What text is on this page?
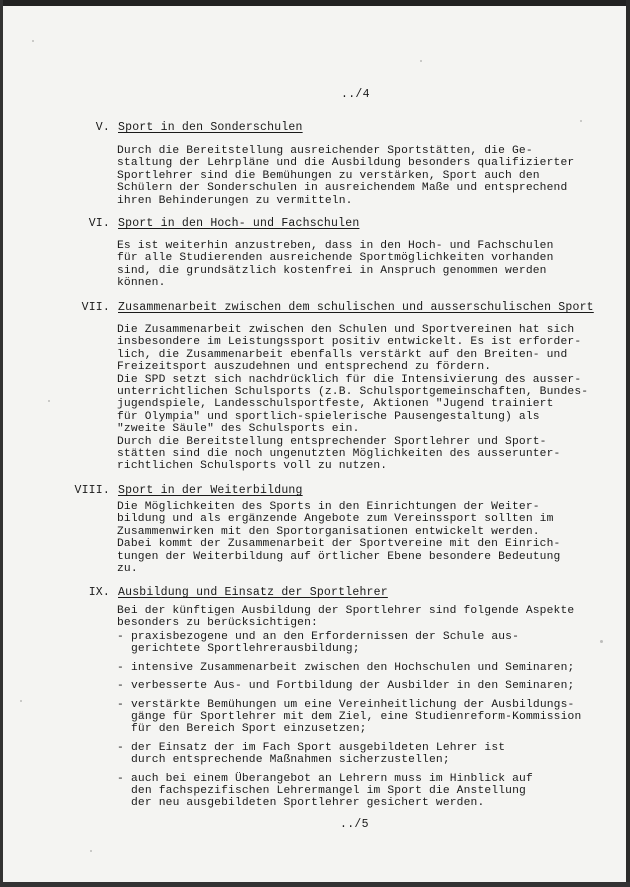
../4
V. Sport in den Sonderschulen
Durch die Bereitstellung ausreichender Sportstätten, die Ge-
staltung der Lehrpläne und die Ausbildung besonders qualifizierter
Sportlehrer sind die Bemühungen zu verstärken, Sport auch den
Schülern der Sonderschulen in ausreichendem Maße und entsprechend
ihren Behinderungen zu vermitteln.
VI. Sport in den Hoch- und Fachschulen
Es ist weiterhin anzustreben, dass in den Hoch- und Fachschulen
für alle Studierenden ausreichende Sportmöglichkeiten vorhanden
sind, die grundsätzlich kostenfrei in Anspruch genommen werden
können.
VII. Zusammenarbeit zwischen dem schulischen und ausserschulischen Sport
Die Zusammenarbeit zwischen den Schulen und Sportvereinen hat sich
insbesondere im Leistungssport positiv entwickelt. Es ist erforder-
lich, die Zusammenarbeit ebenfalls verstärkt auf den Breiten- und
Freizeitsport auszudehnen und entsprechend zu fördern.
Die SPD setzt sich nachdrücklich für die Intensivierung des ausser-
unterrichtlichen Schulsports (z.B. Schulsportgemeinschaften, Bundes-
jugendspiele, Landesschulsportfeste, Aktionen "Jugend trainiert
für Olympia" und sportlich-spielerische Pausengestaltung) als
"zweite Säule" des Schulsports ein.
Durch die Bereitstellung entsprechender Sportlehrer und Sport-
stätten sind die noch ungenutzten Möglichkeiten des ausserunter-
richtlichen Schulsports voll zu nutzen.
VIII. Sport in der Weiterbildung
Die Möglichkeiten des Sports in den Einrichtungen der Weiter-
bildung und als ergänzende Angebote zum Vereinssport sollten im
Zusammenwirken mit den Sportorganisationen entwickelt werden.
Dabei kommt der Zusammenarbeit der Sportvereine mit den Einrich-
tungen der Weiterbildung auf örtlicher Ebene besondere Bedeutung
zu.
IX. Ausbildung und Einsatz der Sportlehrer
Bei der künftigen Ausbildung der Sportlehrer sind folgende Aspekte
besonders zu berücksichtigen:
- praxisbezogene und an den Erfordernissen der Schule aus-
gerichtete Sportlehrerausbildung;
- intensive Zusammenarbeit zwischen den Hochschulen und Seminaren;
- verbesserte Aus- und Fortbildung der Ausbilder in den Seminaren;
- verstärkte Bemühungen um eine Vereinheitlichung der Ausbildungs-
gänge für Sportlehrer mit dem Ziel, eine Studienreform-Kommission
für den Bereich Sport einzusetzen;
- der Einsatz der im Fach Sport ausgebildeten Lehrer ist
durch entsprechende Maßnahmen sicherzustellen;
- auch bei einem Überangebot an Lehrern muss im Hinblick auf
den fachspezifischen Lehrermangel im Sport die Anstellung
der neu ausgebildeten Sportlehrer gesichert werden.
../5
